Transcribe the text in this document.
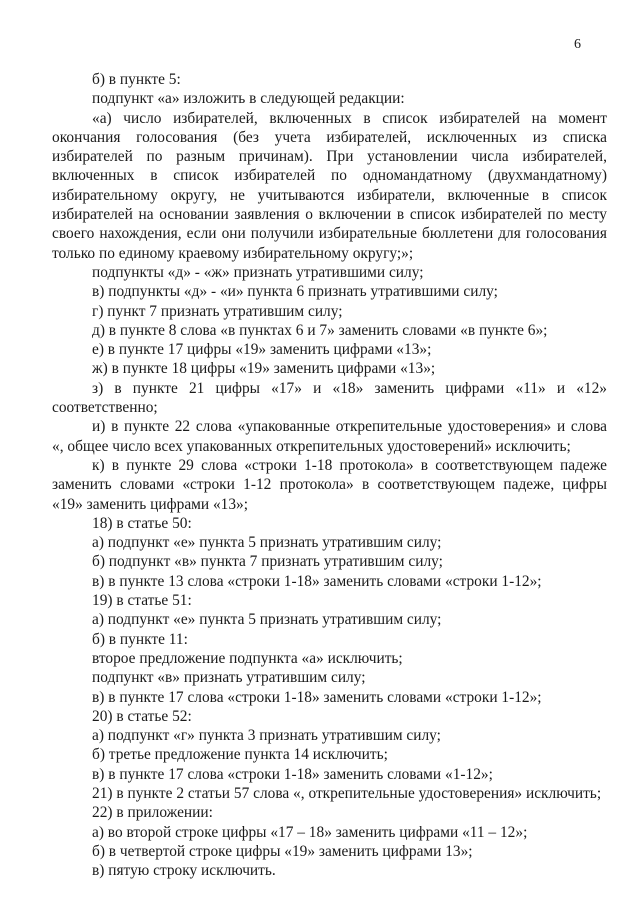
6
б) в пункте 5:
подпункт «а» изложить в следующей редакции:
«а) число избирателей, включенных в список избирателей на момент
окончания голосования (без учета избирателей, исключенных из списка
избирателей по разным причинам). При установлении числа избирателей,
включенных в список избирателей по одномандатному (двухмандатному)
избирательному округу, не учитываются избиратели, включенные в список
избирателей на основании заявления о включении в список избирателей по месту
своего нахождения, если они получили избирательные бюллетени для голосования
только по единому краевому избирательному округу;»;
подпункты «д» - «ж» признать утратившими силу;
в) подпункты «д» - «и» пункта 6 признать утратившими силу;
г) пункт 7 признать утратившим силу;
д) в пункте 8 слова «в пунктах 6 и 7» заменить словами «в пункте 6»;
е) в пункте 17 цифры «19» заменить цифрами «13»;
ж) в пункте 18 цифры «19» заменить цифрами «13»;
з) в пункте 21 цифры «17» и «18» заменить цифрами «11» и «12»
соответственно;
и) в пункте 22 слова «упакованные открепительные удостоверения» и слова
«, общее число всех упакованных открепительных удостоверений» исключить;
к) в пункте 29 слова «строки 1-18 протокола» в соответствующем падеже
заменить словами «строки 1-12 протокола» в соответствующем падеже, цифры
«19» заменить цифрами «13»;
18) в статье 50:
а) подпункт «е» пункта 5 признать утратившим силу;
б) подпункт «в» пункта 7 признать утратившим силу;
в) в пункте 13 слова «строки 1-18» заменить словами «строки 1-12»;
19) в статье 51:
а) подпункт «е» пункта 5 признать утратившим силу;
б) в пункте 11:
второе предложение подпункта «а» исключить;
подпункт «в» признать утратившим силу;
в) в пункте 17 слова «строки 1-18» заменить словами «строки 1-12»;
20) в статье 52:
а) подпункт «г» пункта 3 признать утратившим силу;
б) третье предложение пункта 14 исключить;
в) в пункте 17 слова «строки 1-18» заменить словами «1-12»;
21) в пункте 2 статьи 57 слова «, открепительные удостоверения» исключить;
22) в приложении:
а) во второй строке цифры «17 – 18» заменить цифрами «11 – 12»;
б) в четвертой строке цифры «19» заменить цифрами 13»;
в) пятую строку исключить.
